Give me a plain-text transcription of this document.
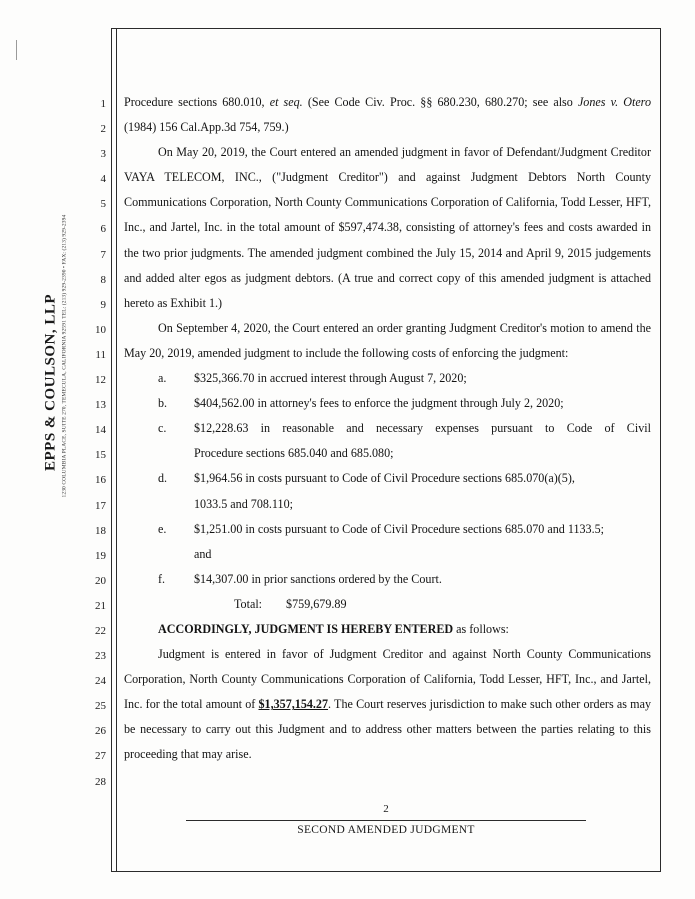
EPPS & COULSON, LLP 1230 COLUMBIA PLACE, SUITE 270, TEMECULA, CALIFORNIA 92591 TEL: (213) 929-2390 • FAX: (213) 929-2394
1
2
3
4
5
6
7
8
9
10
11
12
13
14
15
16
17
18
19
20
21
22
23
24
25
26
27
28

Procedure sections 680.010, et seq. (See Code Civ. Proc. §§ 680.230, 680.270; see also Jones v. Otero (1984) 156 Cal.App.3d 754, 759.)

On May 20, 2019, the Court entered an amended judgment in favor of Defendant/Judgment Creditor VAYA TELECOM, INC., ("Judgment Creditor") and against Judgment Debtors North County Communications Corporation, North County Communications Corporation of California, Todd Lesser, HFT, Inc., and Jartel, Inc. in the total amount of $597,474.38, consisting of attorney's fees and costs awarded in the two prior judgments. The amended judgment combined the July 15, 2014 and April 9, 2015 judgements and added alter egos as judgment debtors. (A true and correct copy of this amended judgment is attached hereto as Exhibit 1.)

On September 4, 2020, the Court entered an order granting Judgment Creditor's motion to amend the May 20, 2019, amended judgment to include the following costs of enforcing the judgment:

a.	$325,366.70 in accrued interest through August 7, 2020;
b.	$404,562.00 in attorney's fees to enforce the judgment through July 2, 2020;
c.	$12,228.63 in reasonable and necessary expenses pursuant to Code of Civil
Procedure sections 685.040 and 685.080;
d.	$1,964.56 in costs pursuant to Code of Civil Procedure sections 685.070(a)(5),
1033.5 and 708.110;
e.	$1,251.00 in costs pursuant to Code of Civil Procedure sections 685.070 and 1133.5;
and
f.	$14,307.00 in prior sanctions ordered by the Court.
Total: $759,679.89

ACCORDINGLY, JUDGMENT IS HEREBY ENTERED as follows:

Judgment is entered in favor of Judgment Creditor and against North County Communications Corporation, North County Communications Corporation of California, Todd Lesser, HFT, Inc., and Jartel, Inc. for the total amount of $1,357,154.27. The Court reserves jurisdiction to make such other orders as may be necessary to carry out this Judgment and to address other matters between the parties relating to this proceeding that may arise.

2
SECOND AMENDED JUDGMENT
